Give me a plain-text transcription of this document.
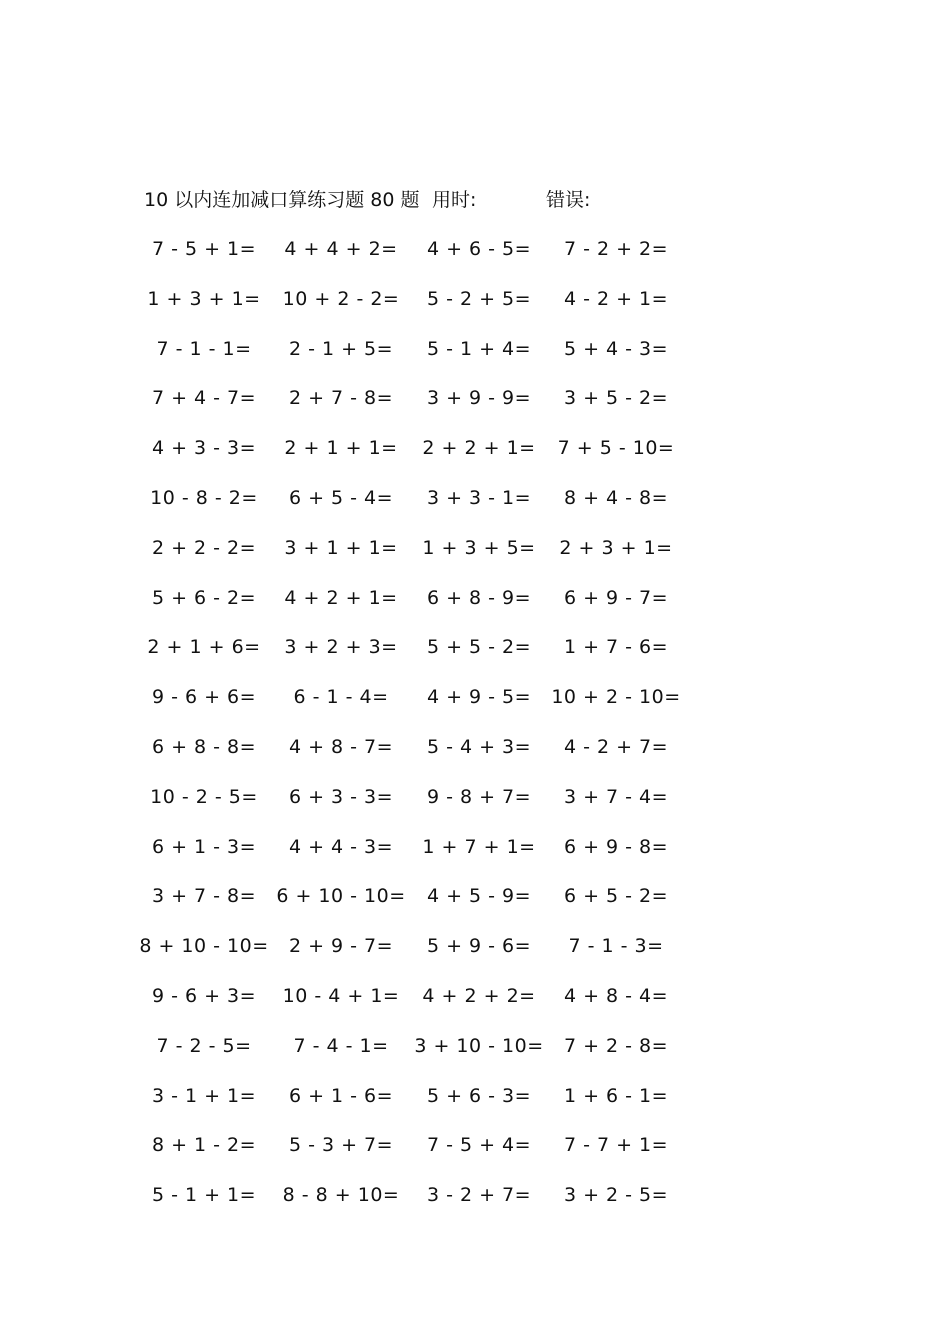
10 以内连加减口算练习题 80 题 用时:	错误:
7 - 5 + 1=	4 + 4 + 2=	4 + 6 - 5=	7 - 2 + 2=
1 + 3 + 1=	10 + 2 - 2=	5 - 2 + 5=	4 - 2 + 1=
7 - 1 - 1=	2 - 1 + 5=	5 - 1 + 4=	5 + 4 - 3=
7 + 4 - 7=	2 + 7 - 8=	3 + 9 - 9=	3 + 5 - 2=
4 + 3 - 3=	2 + 1 + 1=	2 + 2 + 1=	7 + 5 - 10=
10 - 8 - 2=	6 + 5 - 4=	3 + 3 - 1=	8 + 4 - 8=
2 + 2 - 2=	3 + 1 + 1=	1 + 3 + 5=	2 + 3 + 1=
5 + 6 - 2=	4 + 2 + 1=	6 + 8 - 9=	6 + 9 - 7=
2 + 1 + 6=	3 + 2 + 3=	5 + 5 - 2=	1 + 7 - 6=
9 - 6 + 6=	6 - 1 - 4=	4 + 9 - 5=	10 + 2 - 10=
6 + 8 - 8=	4 + 8 - 7=	5 - 4 + 3=	4 - 2 + 7=
10 - 2 - 5=	6 + 3 - 3=	9 - 8 + 7=	3 + 7 - 4=
6 + 1 - 3=	4 + 4 - 3=	1 + 7 + 1=	6 + 9 - 8=
3 + 7 - 8=	6 + 10 - 10=	4 + 5 - 9=	6 + 5 - 2=
8 + 10 - 10=	2 + 9 - 7=	5 + 9 - 6=	7 - 1 - 3=
9 - 6 + 3=	10 - 4 + 1=	4 + 2 + 2=	4 + 8 - 4=
7 - 2 - 5=	7 - 4 - 1=	3 + 10 - 10=	7 + 2 - 8=
3 - 1 + 1=	6 + 1 - 6=	5 + 6 - 3=	1 + 6 - 1=
8 + 1 - 2=	5 - 3 + 7=	7 - 5 + 4=	7 - 7 + 1=
5 - 1 + 1=	8 - 8 + 10=	3 - 2 + 7=	3 + 2 - 5=
